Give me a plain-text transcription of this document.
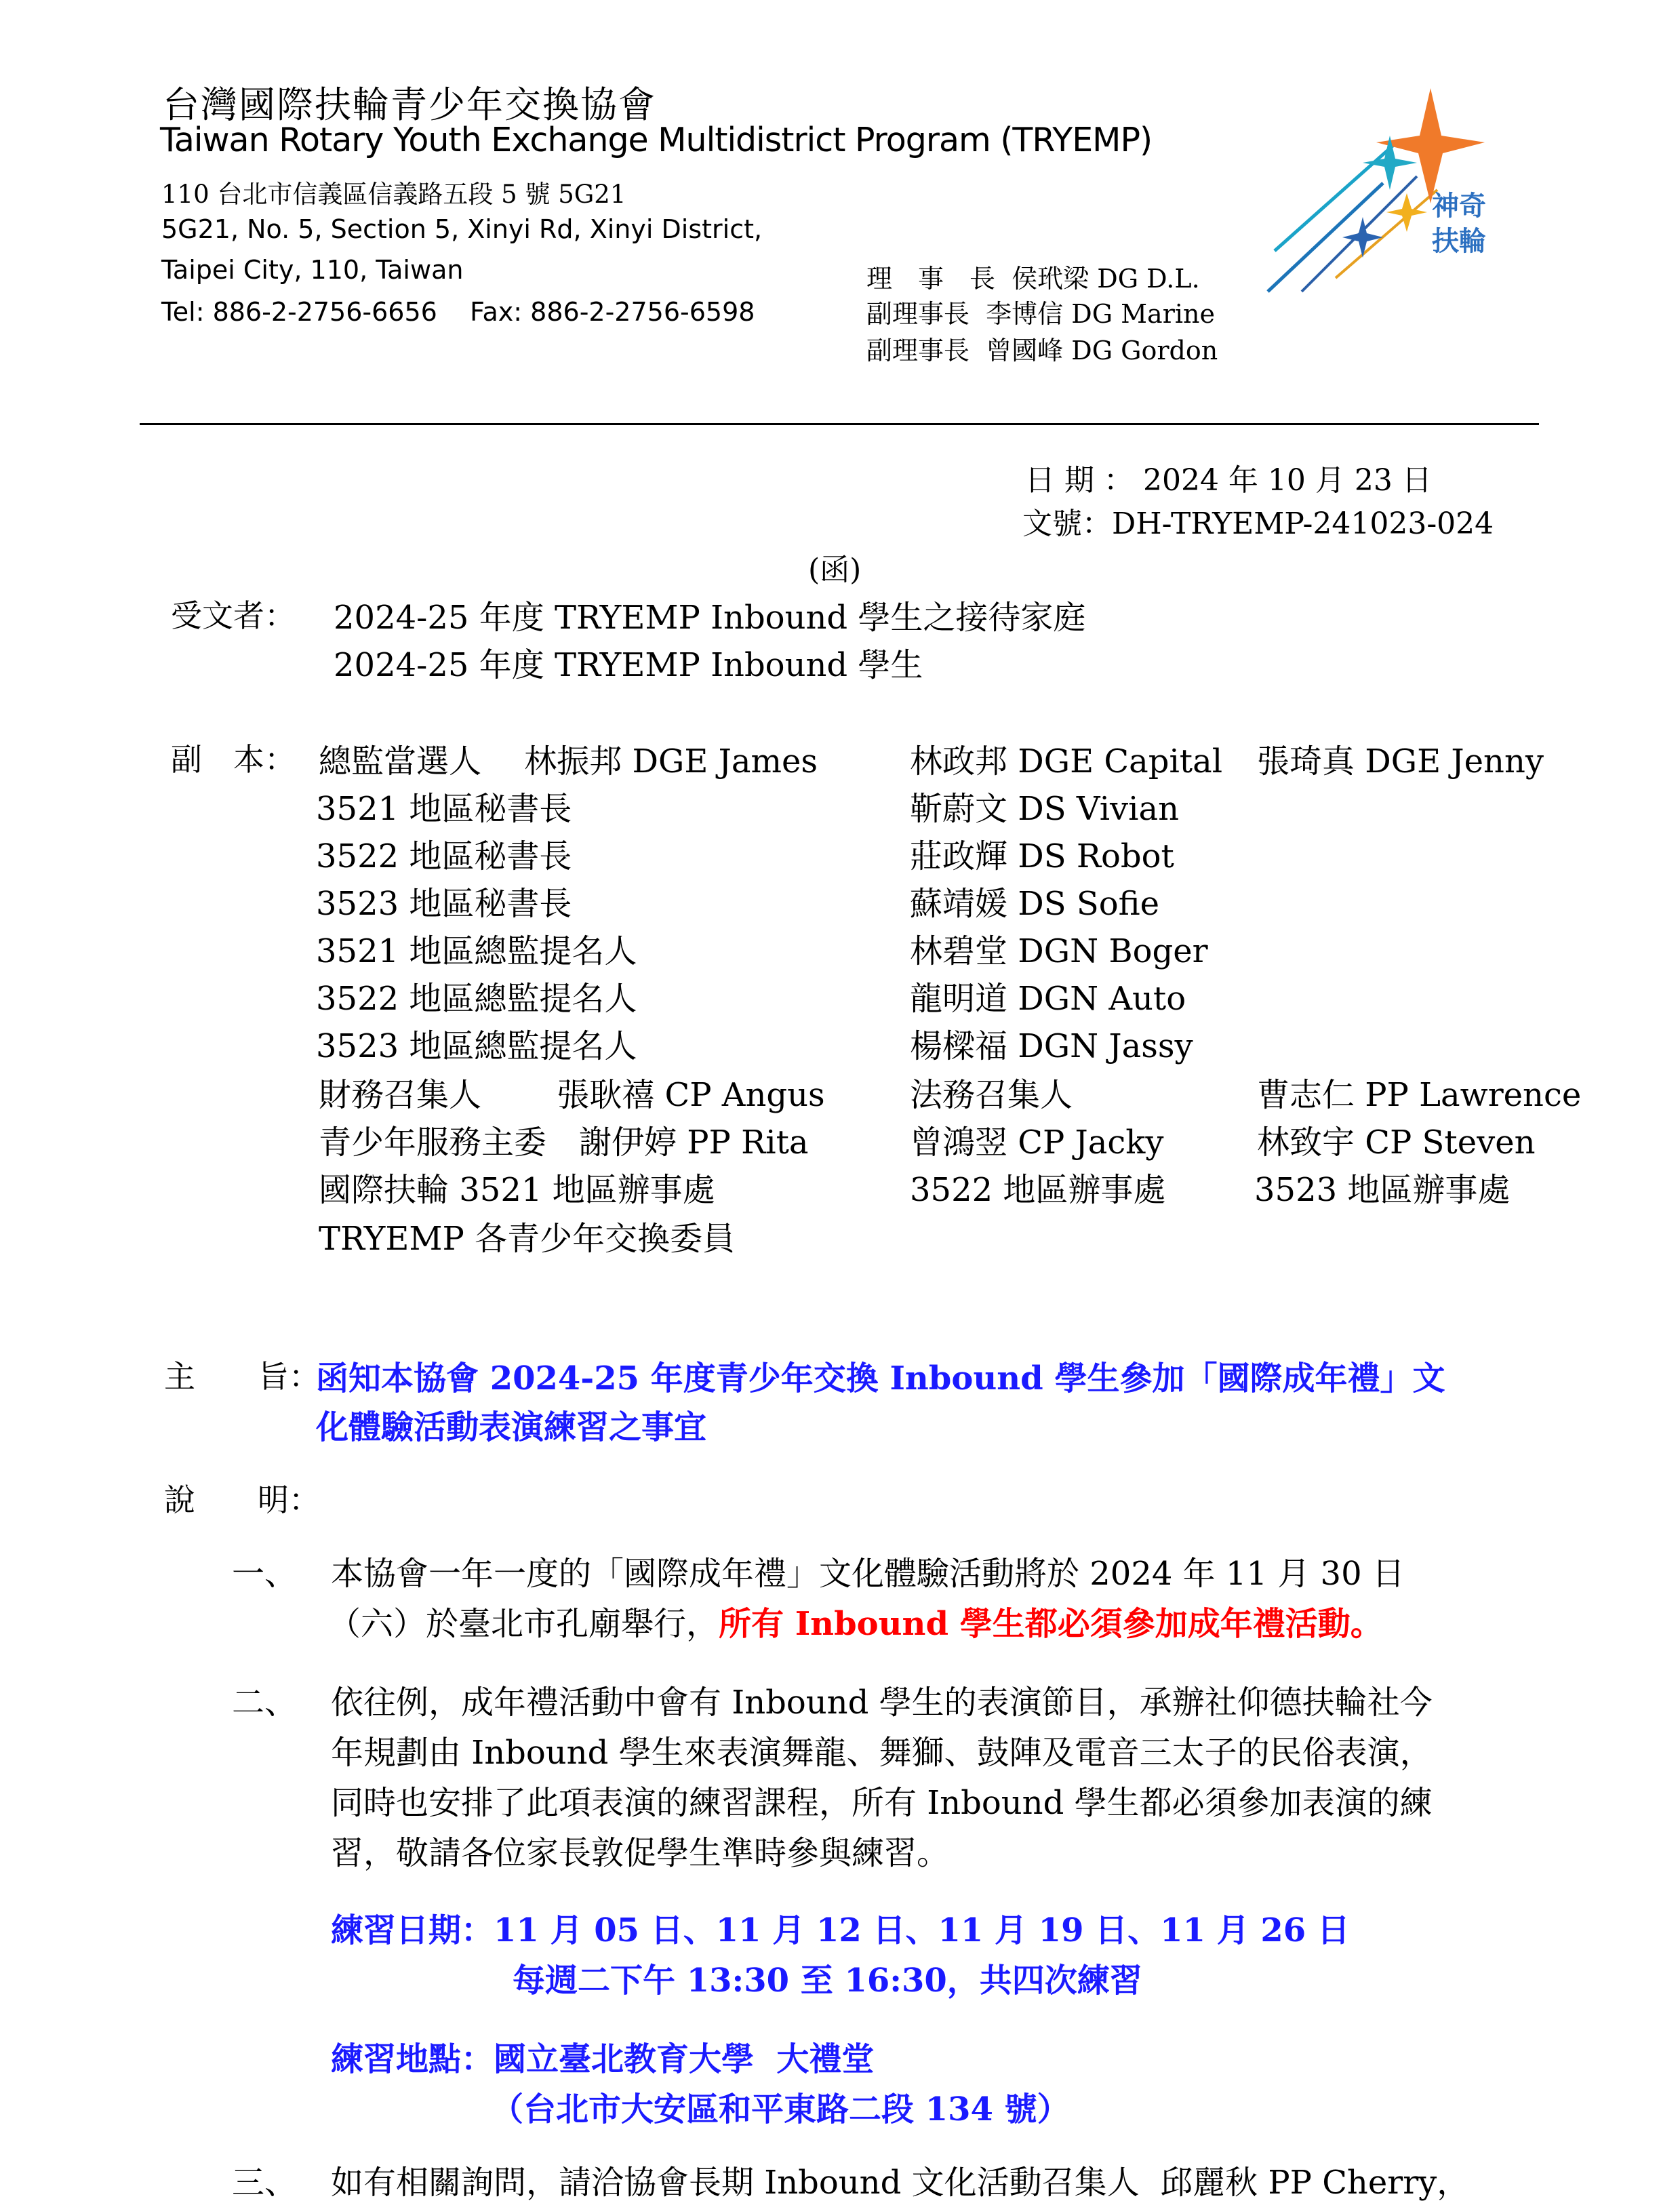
台灣國際扶輪青少年交換協會
Taiwan Rotary Youth Exchange Multidistrict Program (TRYEMP)
110 台北市信義區信義路五段 5 號 5G21
5G21, No. 5, Section 5, Xinyi Rd, Xinyi District,
Taipei City, 110, Taiwan
Tel: 886-2-2756-6656    Fax: 886-2-2756-6598
理　事　長  侯玳梁 DG D.L.
副理事長  李博信 DG Marine
副理事長  曾國峰 DG Gordon
神奇
扶輪
日 期 ： 2024 年 10 月 23 日
文號：DH-TRYEMP-241023-024
(函)
受文者： 2024-25 年度 TRYEMP Inbound 學生之接待家庭
2024-25 年度 TRYEMP Inbound 學生
副　本： 總監當選人　 林振邦 DGE James	林政邦 DGE Capital 張琦真 DGE Jenny
3521 地區秘書長	靳蔚文 DS Vivian
3522 地區秘書長	莊政輝 DS Robot
3523 地區秘書長	蘇靖媛 DS Sofie
3521 地區總監提名人	林碧堂 DGN Boger
3522 地區總監提名人	龍明道 DGN Auto
3523 地區總監提名人	楊樑福 DGN Jassy
財務召集人　　 張耿禧 CP Angus	法務召集人	曹志仁 PP Lawrence
青少年服務主委　謝伊婷 PP Rita	曾鴻翌 CP Jacky	林致宇 CP Steven
國際扶輪 3521 地區辦事處	3522 地區辦事處	3523 地區辦事處
TRYEMP 各青少年交換委員
主　　旨：
函知本協會 2024-25 年度青少年交換 Inbound 學生參加「國際成年禮」文
化體驗活動表演練習之事宜
說　　明：
一、 本協會一年一度的「國際成年禮」文化體驗活動將於 2024 年 11 月 30 日
（六）於臺北市孔廟舉行，所有 Inbound 學生都必須參加成年禮活動。
二、 依往例，成年禮活動中會有 Inbound 學生的表演節目，承辦社仰德扶輪社今
年規劃由 Inbound 學生來表演舞龍、舞獅、鼓陣及電音三太子的民俗表演，
同時也安排了此項表演的練習課程，所有 Inbound 學生都必須參加表演的練
習，敬請各位家長敦促學生準時參與練習。
練習日期：11 月 05 日、11 月 12 日、11 月 19 日、11 月 26 日
每週二下午 13:30 至 16:30，共四次練習
練習地點：國立臺北教育大學  大禮堂
（台北市大安區和平東路二段 134 號）
三、 如有相關詢問，請洽協會長期 Inbound 文化活動召集人  邱麗秋 PP Cherry，
